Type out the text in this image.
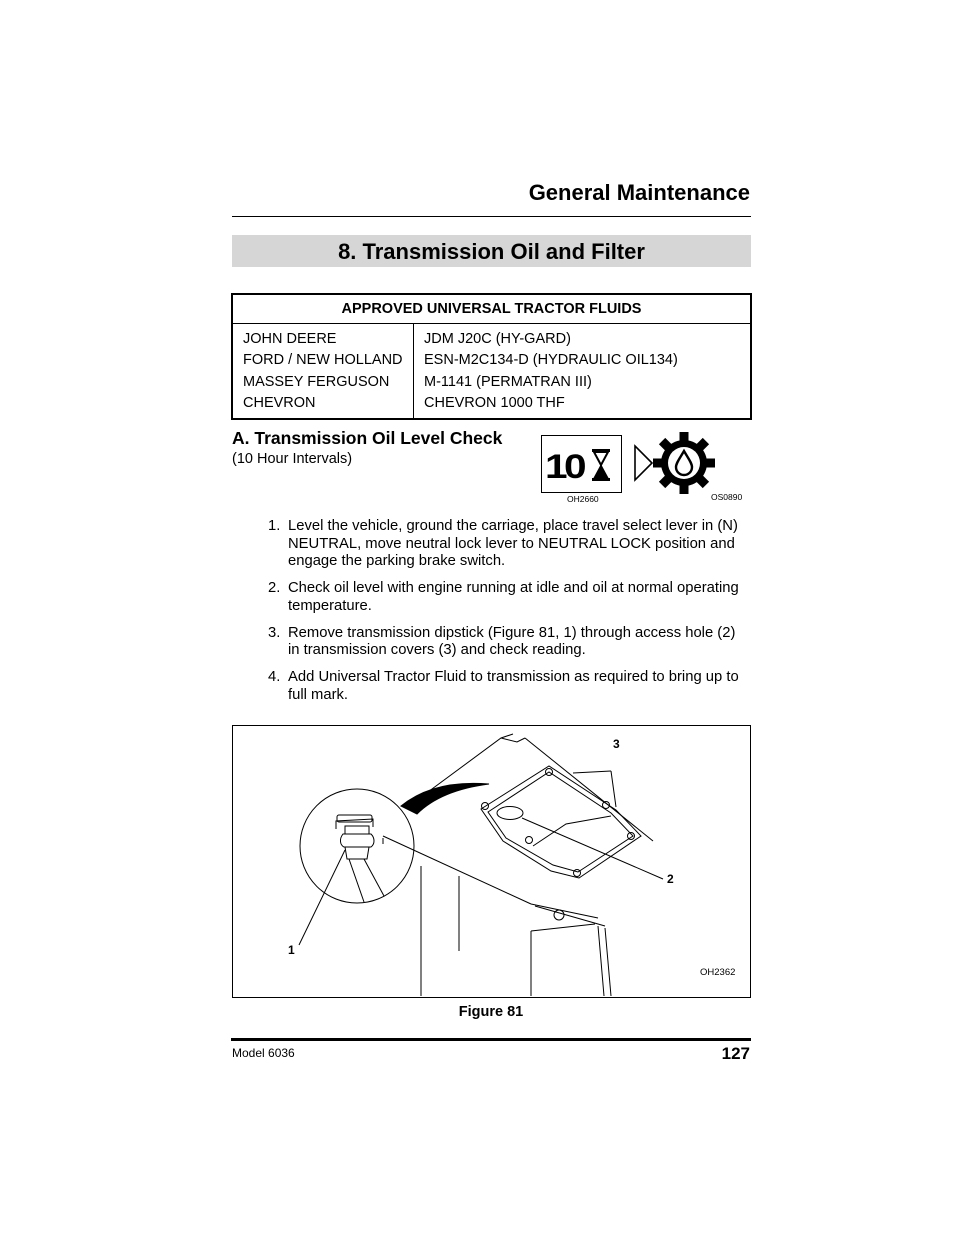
General Maintenance
8. Transmission Oil and Filter
APPROVED UNIVERSAL TRACTOR FLUIDS	
JOHN DEERE	JDM J20C (HY-GARD)
FORD / NEW HOLLAND	ESN-M2C134-D (HYDRAULIC OIL134)
MASSEY FERGUSON	M-1141 (PERMATRAN III)
CHEVRON	CHEVRON 1000 THF
A. Transmission Oil Level Check
(10 Hour Intervals)	10
OH2660	OS0890
1. Level the vehicle, ground the carriage, place travel select lever in (N) NEUTRAL, move neutral lock lever to NEUTRAL LOCK position and engage the parking brake switch.
2. Check oil level with engine running at idle and oil at normal operating temperature.
3. Remove transmission dipstick (Figure 81, 1) through access hole (2) in transmission covers (3) and check reading.
4. Add Universal Tractor Fluid to transmission as required to bring up to full mark.
1
2
3
OH2362
Figure 81
Model 6036	127
